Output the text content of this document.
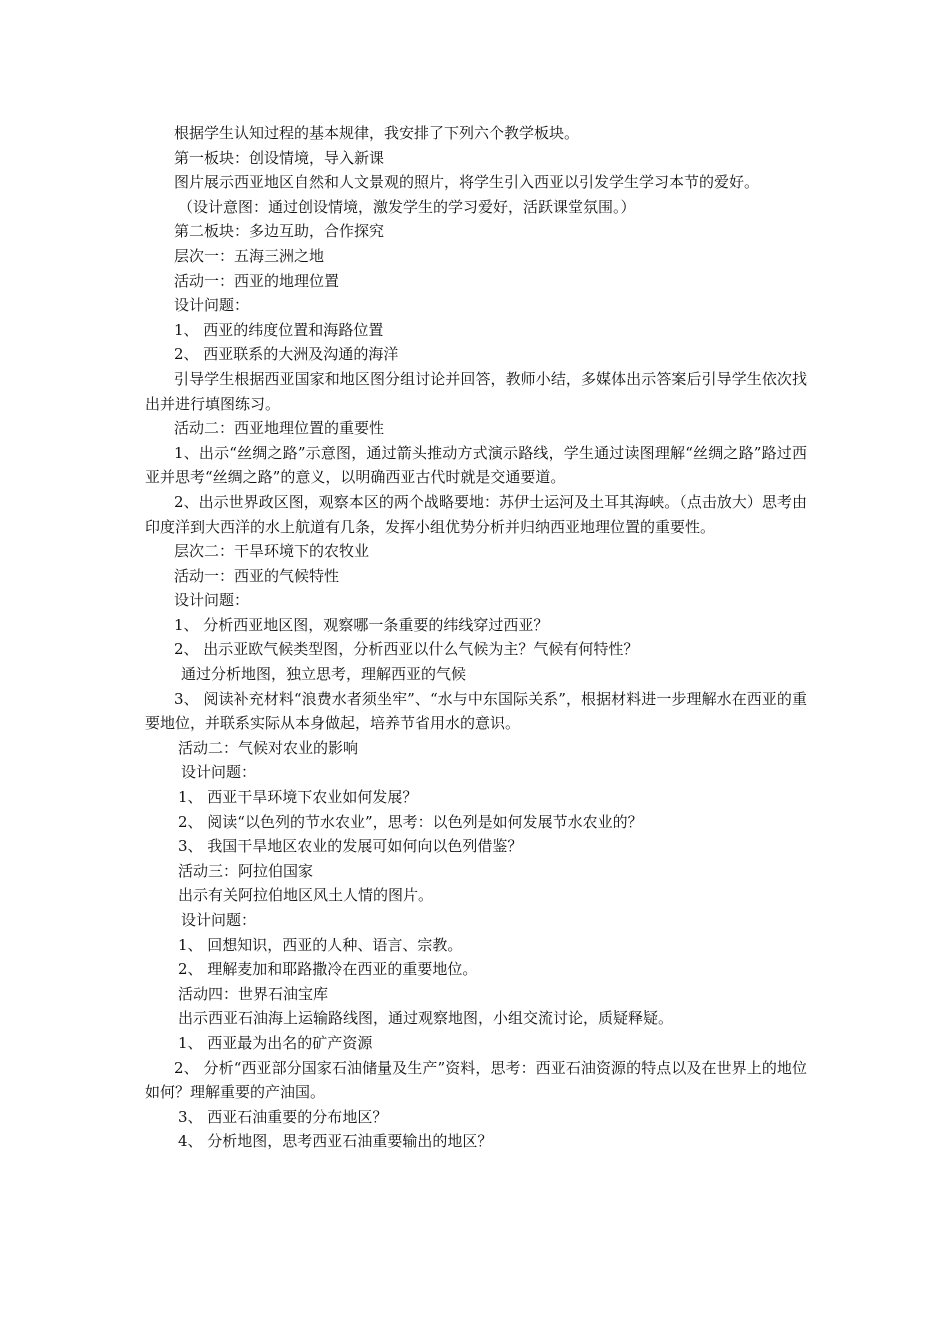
根据学生认知过程的基本规律，我安排了下列六个教学板块。
第一板块：创设情境，导入新课
图片展示西亚地区自然和人文景观的照片，将学生引入西亚以引发学生学习本节的爱好。
（设计意图：通过创设情境，激发学生的学习爱好，活跃课堂氛围。）
第二板块：多边互助，合作探究
层次一：五海三洲之地
活动一：西亚的地理位置
设计问题：
1、 西亚的纬度位置和海路位置
2、 西亚联系的大洲及沟通的海洋
引导学生根据西亚国家和地区图分组讨论并回答，教师小结，多媒体出示答案后引导学生依次找出并进行填图练习。
活动二：西亚地理位置的重要性
1、出示“丝绸之路”示意图，通过箭头推动方式演示路线，学生通过读图理解“丝绸之路”路过西亚并思考“丝绸之路”的意义，以明确西亚古代时就是交通要道。
2、出示世界政区图，观察本区的两个战略要地：苏伊士运河及土耳其海峡。（点击放大）思考由印度洋到大西洋的水上航道有几条，发挥小组优势分析并归纳西亚地理位置的重要性。
层次二：干旱环境下的农牧业
活动一：西亚的气候特性
设计问题：
1、 分析西亚地区图，观察哪一条重要的纬线穿过西亚？
2、 出示亚欧气候类型图，分析西亚以什么气候为主？气候有何特性？
通过分析地图，独立思考，理解西亚的气候
3、 阅读补充材料“浪费水者须坐牢”、“水与中东国际关系”，根据材料进一步理解水在西亚的重要地位，并联系实际从本身做起，培养节省用水的意识。
活动二：气候对农业的影响
设计问题：
1、 西亚干旱环境下农业如何发展？
2、 阅读“以色列的节水农业”，思考：以色列是如何发展节水农业的？
3、 我国干旱地区农业的发展可如何向以色列借鉴？
活动三：阿拉伯国家
出示有关阿拉伯地区风土人情的图片。
设计问题：
1、 回想知识，西亚的人种、语言、宗教。
2、 理解麦加和耶路撒冷在西亚的重要地位。
活动四：世界石油宝库
出示西亚石油海上运输路线图，通过观察地图，小组交流讨论，质疑释疑。
1、 西亚最为出名的矿产资源
2、 分析“西亚部分国家石油储量及生产”资料，思考：西亚石油资源的特点以及在世界上的地位如何？理解重要的产油国。
3、 西亚石油重要的分布地区？
4、 分析地图，思考西亚石油重要输出的地区？
